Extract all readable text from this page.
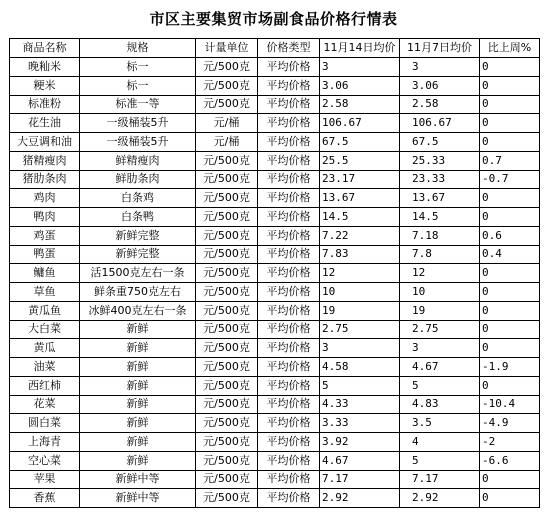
市区主要集贸市场副食品价格行情表
商品名称	规格	计量单位	价格类型	11月14日均价	11月7日均价	比上周%
晚籼米	标一	元/500克	平均价格	3	3	0
粳米	标一	元/500克	平均价格	3.06	3.06	0
标准粉	标准一等	元/500克	平均价格	2.58	2.58	0
花生油	一级桶装5升	元/桶	平均价格	106.67	106.67	0
大豆调和油	一级桶装5升	元/桶	平均价格	67.5	67.5	0
猪精瘦肉	鲜精瘦肉	元/500克	平均价格	25.5	25.33	0.7
猪肋条肉	鲜肋条肉	元/500克	平均价格	23.17	23.33	-0.7
鸡肉	白条鸡	元/500克	平均价格	13.67	13.67	0
鸭肉	白条鸭	元/500克	平均价格	14.5	14.5	0
鸡蛋	新鲜完整	元/500克	平均价格	7.22	7.18	0.6
鸭蛋	新鲜完整	元/500克	平均价格	7.83	7.8	0.4
鳙鱼	活1500克左右一条	元/500克	平均价格	12	12	0
草鱼	鲜条重750克左右	元/500克	平均价格	10	10	0
黄瓜鱼	冰鲜400克左右一条	元/500克	平均价格	19	19	0
大白菜	新鲜	元/500克	平均价格	2.75	2.75	0
黄瓜	新鲜	元/500克	平均价格	3	3	0
油菜	新鲜	元/500克	平均价格	4.58	4.67	-1.9
西红柿	新鲜	元/500克	平均价格	5	5	0
花菜	新鲜	元/500克	平均价格	4.33	4.83	-10.4
圆白菜	新鲜	元/500克	平均价格	3.33	3.5	-4.9
上海青	新鲜	元/500克	平均价格	3.92	4	-2
空心菜	新鲜	元/500克	平均价格	4.67	5	-6.6
苹果	新鲜中等	元/500克	平均价格	7.17	7.17	0
香蕉	新鲜中等	元/500克	平均价格	2.92	2.92	0
